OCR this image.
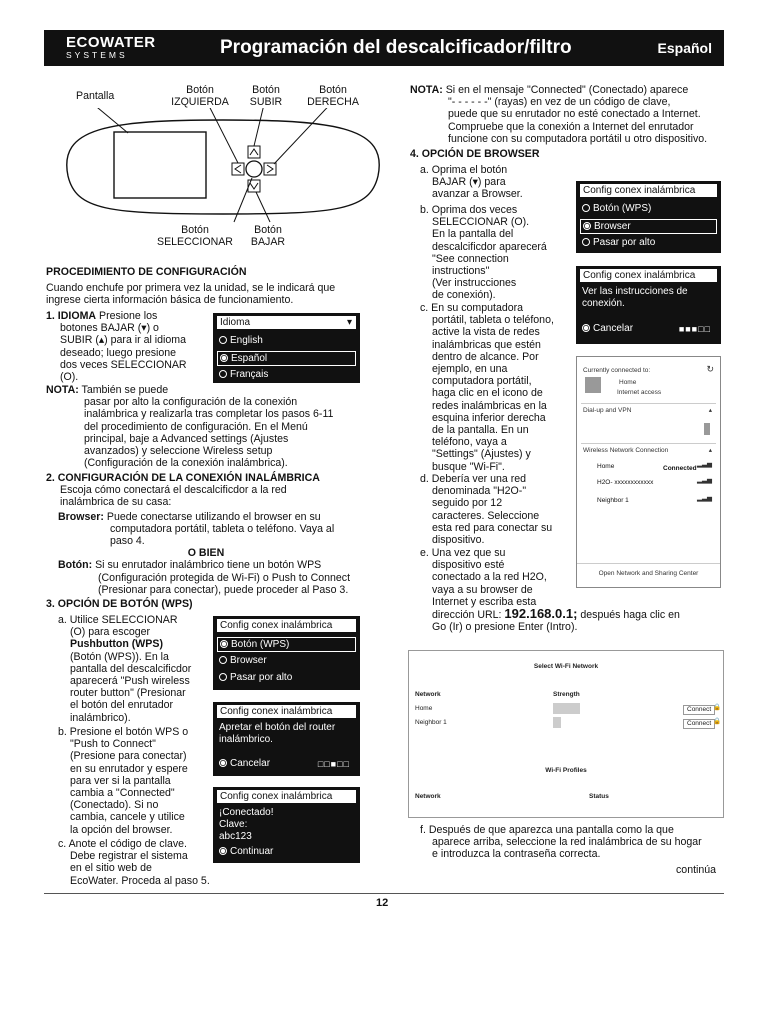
ECOWATER
SYSTEMS	Programación del descalcificador/filtro	Español
Pantalla	Botón
IZQUIERDA
Botón
SUBIR
Botón
DERECHA
Botón
SELECCIONAR
Botón
BAJAR
PROCEDIMIENTO DE CONFIGURACIÓN
Cuando enchufe por primera vez la unidad, se le indicará que
ingrese cierta información básica de funcionamiento.
1. IDIOMA Presione los
botones BAJAR (▾) o
SUBIR (▴) para ir al idioma
deseado; luego presione
dos veces SELECCIONAR
(O).
Idioma	▾
English
Español
Français
NOTA: También se puede
pasar por alto la configuración de la conexión
inalámbrica y realizarla tras completar los pasos 6-11
del procedimiento de configuración. En el Menú
principal, baje a Advanced settings (Ajustes
avanzados) y seleccione Wireless setup
(Configuración de la conexión inalámbrica).
2. CONFIGURACIÓN DE LA CONEXIÓN INALÁMBRICA
Escoja cómo conectará el descalcificdor a la red
inalámbrica de su casa:
Browser: Puede conectarse utilizando el browser en su
computadora portátil, tableta o teléfono. Vaya al
paso 4.
O BIEN
Botón: Si su enrutador inalámbrico tiene un botón WPS
(Configuración protegida de Wi-Fi) o Push to Connect
(Presionar para conectar), puede proceder al Paso 3.
3. OPCIÓN DE BOTÓN (WPS)
a. Utilice SELECCIONAR
(O) para escoger
Pushbutton (WPS)
(Botón (WPS)). En la
pantalla del descalcificdor
aparecerá "Push wireless
router button" (Presionar
el botón del enrutador
inalámbrico).
b. Presione el botón WPS o
"Push to Connect"
(Presione para conectar)
en su enrutador y espere
para ver si la pantalla
cambia a "Connected"
(Conectado). Si no
cambia, cancele y utilice
la opción del browser.
c. Anote el código de clave.
Debe registrar el sistema
en el sitio web de
EcoWater. Proceda al paso 5.
Config conex inalámbrica
Botón (WPS)
Browser
Pasar por alto
Config conex inalámbrica
Apretar el botón del router
inalámbrico.
Cancelar	□□■□□
Config conex inalámbrica
¡Conectado!
Clave:
abc123
Continuar
NOTA: Si en el mensaje "Connected" (Conectado) aparece
"- - - - - -" (rayas) en vez de un código de clave,
puede que su enrutador no esté conectado a Internet.
Compruebe que la conexión a Internet del enrutador
funcione con su computadora portátil u otro dispositivo.
4. OPCIÓN DE BROWSER
a. Oprima el botón
BAJAR (▾) para
avanzar a Browser.
b. Oprima dos veces
SELECCIONAR (O).
En la pantalla del
descalcificdor aparecerá
"See connection
instructions"
(Ver instrucciones
de conexión).
c. En su computadora
portátil, tableta o teléfono,
active la vista de redes
inalámbricas que estén
dentro de alcance. Por
ejemplo, en una
computadora portátil,
haga clic en el icono de
redes inalámbricas en la
esquina inferior derecha
de la pantalla. En un
teléfono, vaya a
"Settings" (Ajustes) y
busque "Wi-Fi".
d. Debería ver una red
denominada "H2O-"
seguido por 12
caracteres. Seleccione
esta red para conectar su
dispositivo.
e. Una vez que su
dispositivo esté
conectado a la red H2O,
vaya a su browser de
Internet y escriba esta
dirección URL: 192.168.0.1; después haga clic en
Go (Ir) o presione Enter (Intro).
Config conex inalámbrica
Botón (WPS)
Browser
Pasar por alto
Config conex inalámbrica
Ver las instrucciones de
conexión.
Cancelar	■■■□□
Currently connected to:	↻
Home
Internet access
Dial-up and VPN	▴
Wireless Network Connection	▴
Home	Connected
▂▃▅
H2O- xxxxxxxxxxxx	▂▃▅
Neighbor 1	▂▃▅
Open Network and Sharing Center
Select Wi-Fi Network
Network	Strength
Home	Connect 🔒
Neighbor 1	Connect 🔒
Wi-Fi Profiles
Network	Status
f. Después de que aparezca una pantalla como la que
aparece arriba, seleccione la red inalámbrica de su hogar
e introduzca la contraseña correcta.
continúa
12
